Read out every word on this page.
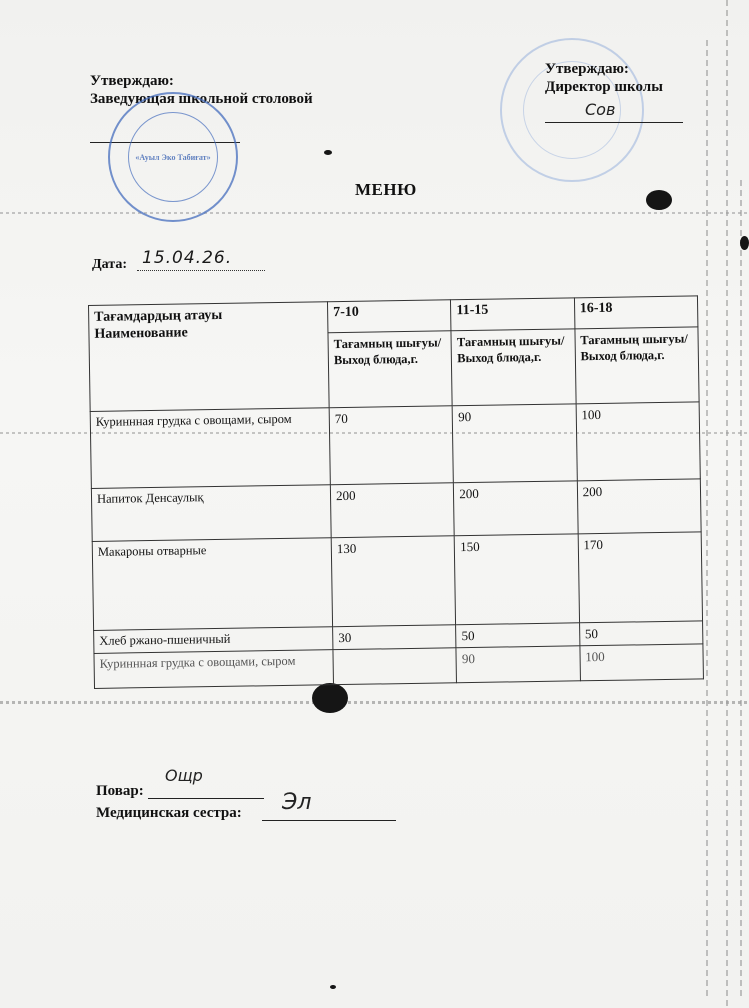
Утверждаю:
Заведующая школьной столовой
Утверждаю:
Директор школы
Сов
«Ауыл Эко Табиғат»
МЕНЮ
Дата: 15.04.26.
Тағамдардың атауы
Наименование	7-10	11-15	16-18
	Тағамның шығуы/ Выход блюда,г.	Тағамның шығуы/ Выход блюда,г.	Тағамның шығуы/ Выход блюда,г.
Куриннная грудка с овощами, сыром	70	90	100
Напиток Денсаулық	200	200	200
Макароны отварные	130	150	170
Хлеб ржано-пшеничный	30	50	50
Куриннная грудка с овощами, сыром		90	100
Повар:
Ощр
Медицинская сестра: Эл
